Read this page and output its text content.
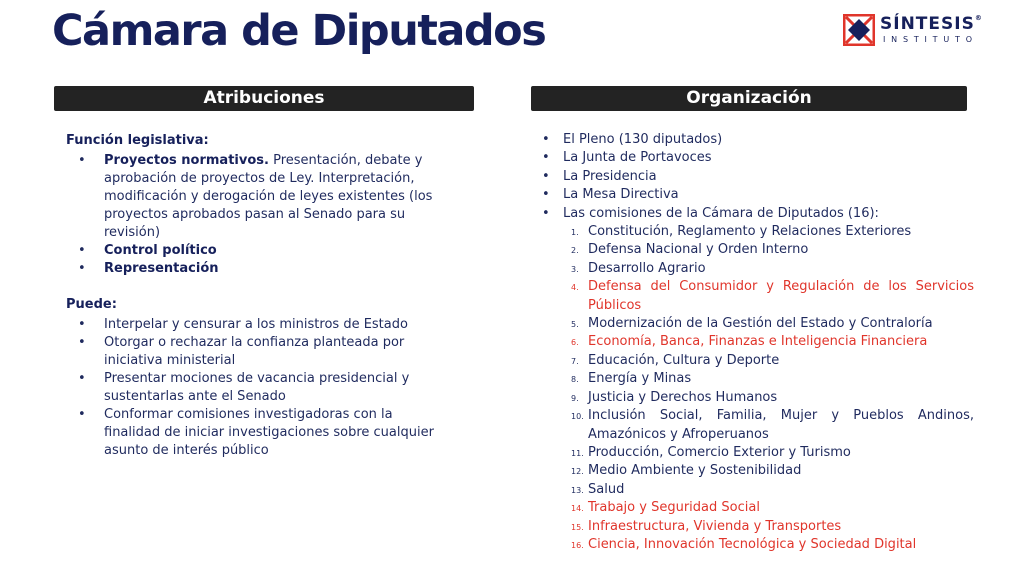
Cámara de Diputados	SÍNTESIS®
INSTITUTO
Atribuciones	Organización

Función legislativa:

• Proyectos normativos. Presentación, debate y aprobación de proyectos de Ley. Interpretación, modificación y derogación de leyes existentes (los proyectos aprobados pasan al Senado para su revisión)
• Control político
• Representación

Puede:

• Interpelar y censurar a los ministros de Estado
• Otorgar o rechazar la confianza planteada por iniciativa ministerial
• Presentar mociones de vacancia presidencial y sustentarlas ante el Senado
• Conformar comisiones investigadoras con la finalidad de iniciar investigaciones sobre cualquier asunto de interés público
• El Pleno (130 diputados)
• La Junta de Portavoces
• La Presidencia
• La Mesa Directiva
• Las comisiones de la Cámara de Diputados (16):
1. Constitución, Reglamento y Relaciones Exteriores
2. Defensa Nacional y Orden Interno
3. Desarrollo Agrario
4. Defensa del Consumidor y Regulación de los Servicios Públicos
5. Modernización de la Gestión del Estado y Contraloría
6. Economía, Banca, Finanzas e Inteligencia Financiera
7. Educación, Cultura y Deporte
8. Energía y Minas
9. Justicia y Derechos Humanos
10. Inclusión Social, Familia, Mujer y Pueblos Andinos, Amazónicos y Afroperuanos
11. Producción, Comercio Exterior y Turismo
12. Medio Ambiente y Sostenibilidad
13. Salud
14. Trabajo y Seguridad Social
15. Infraestructura, Vivienda y Transportes
16. Ciencia, Innovación Tecnológica y Sociedad Digital
